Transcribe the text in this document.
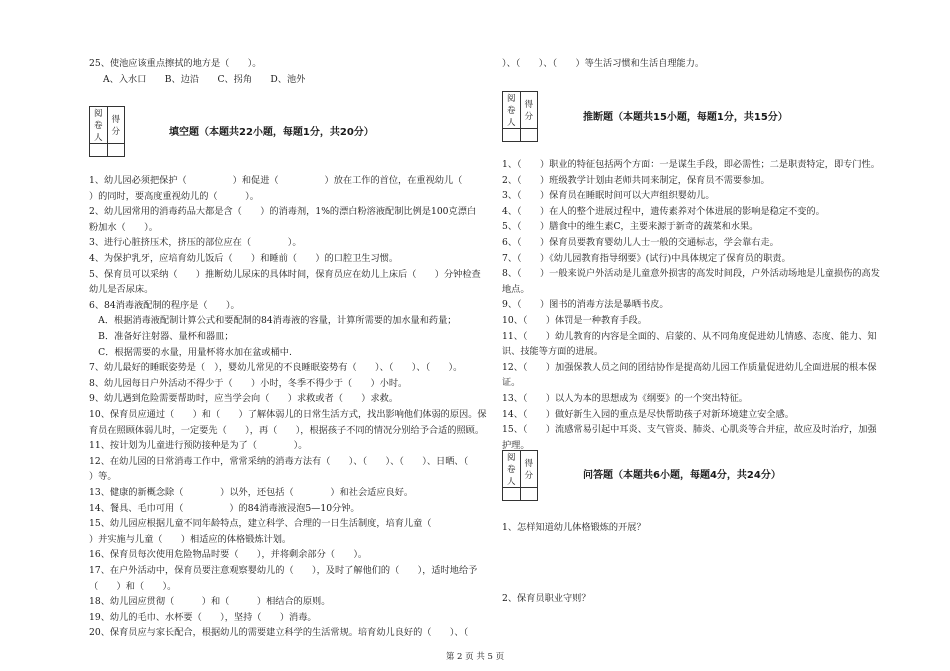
25、使池应该重点擦拭的地方是（　　）。
A、入水口　　B、边沿　　C、拐角　　D、池外
阅卷人	得分
		填空题（本题共22小题，每题1分，共20分）
1、幼儿园必须把保护（　　　　　）和促进（　　　　　）放在工作的首位，在重视幼儿（
）的同时，要高度重视幼儿的（　　　）。
2、幼儿园常用的消毒药品大都是含（　　）的消毒剂，1%的漂白粉溶液配制比例是100克漂白
粉加水（　　）。
3、进行心脏挤压术，挤压的部位应在（　　　　）。
4、为保护乳牙，应培育幼儿饭后（　　）和睡前（　　）的口腔卫生习惯。
5、保育员可以采纳（　　）推断幼儿尿床的具体时间，保育员应在幼儿上床后（　　）分钟检查
幼儿是否尿床。
6、84消毒液配制的程序是（　　）。
　A．根据消毒液配制计算公式和要配制的84消毒液的容量，计算所需要的加水量和药量；
　B．准备好注射器、量杯和器皿；
　C．根据需要的水量，用量杯将水加在盆或桶中.
7、幼儿最好的睡眠姿势是（　），婴幼儿常见的不良睡眠姿势有（　　）、（　　）、（　　）。
8、幼儿园每日户外活动不得少于（　　）小时，冬季不得少于（　　）小时。
9、幼儿遇到危险需要帮助时，应当学会向（　　）求救或者（　　）求救。
10、保育员应通过（　　）和（　　）了解体弱儿的日常生活方式，找出影响他们体弱的原因。保
育员在照顾体弱儿时，一定要先（　　），再（　　），根据孩子不同的情况分别给予合适的照顾。
11、按计划为儿童进行预防接种是为了（　　　　）。
12、在幼儿园的日常消毒工作中，常常采纳的消毒方法有（　　）、（　　）、（　　）、日晒、（
）等。
13、健康的新概念除（　　　　）以外，还包括（　　　　）和社会适应良好。
14、餐具、毛巾可用（　　　　　）的84消毒液浸泡5—10分钟。
15、幼儿园应根据儿童不同年龄特点，建立科学、合理的一日生活制度，培育儿童（
）并实施与儿童（　　）相适应的体格锻炼计划。
16、保育员每次使用危险物品时要（　　），并将剩余部分（　　）。
17、在户外活动中，保育员要注意观察婴幼儿的（　　），及时了解他们的（　　），适时地给予
（　　）和（　　）。
18、幼儿园应贯彻（　　　）和（　　　）相结合的原则。
19、幼儿的毛巾、水杯要（　　），坚持（　　）消毒。
20、保育员应与家长配合，根据幼儿的需要建立科学的生活常规。培育幼儿良好的（　　）、（
）、（　　）、（　　）等生活习惯和生活自理能力。
阅卷人	得分
		推断题（本题共15小题，每题1分，共15分）
1、（　　）职业的特征包括两个方面：一是谋生手段，即必需性；二是职责特定，即专门性。
2、（　　）班级教学计划由老师共同来制定，保育员不需要参加。
3、（　　）保育员在睡眠时间可以大声组织婴幼儿。
4、（　　）在人的整个进展过程中，遗传素养对个体进展的影响是稳定不变的。
5、（　　）膳食中的维生素C，主要来源于新奇的蔬菜和水果。
6、（　　）保育员要教育婴幼儿人士一般的交通标志，学会靠右走。
7、（　　）《幼儿园教育指导纲要》(试行)中具体规定了保育员的职责。
8、（　　）一般来说户外活动是儿童意外损害的高发时间段，户外活动场地是儿童损伤的高发
地点。
9、（　　）图书的消毒方法是暴晒书皮。
10、（　　）体罚是一种教育手段。
11、（　　）幼儿教育的内容是全面的、启蒙的、从不同角度促进幼儿情感、态度、能力、知
识、技能等方面的进展。
12、（　　）加强保教人员之间的团结协作是提高幼儿园工作质量促进幼儿全面进展的根本保
证。
13、（　　）以人为本的思想成为《纲要》的一个突出特征。
14、（　　）做好新生入园的重点是尽快帮助孩子对新环境建立安全感。
15、（　　）流感常易引起中耳炎、支气管炎、肺炎、心肌炎等合并症，故应及时治疗，加强
护理。
阅卷人	得分
		问答题（本题共6小题，每题4分，共24分）
1、怎样知道幼儿体格锻炼的开展？
2、保育员职业守则？
第 2 页 共 5 页
